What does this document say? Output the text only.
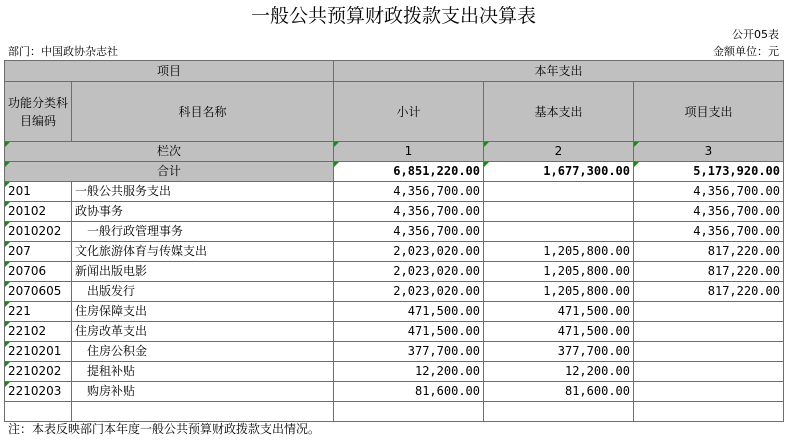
一般公共预算财政拨款支出决算表
公开05表
部门：中国政协杂志社	金额单位：元
项目		本年支出		
功能分类科目编码	科目名称	小计	基本支出	项目支出
栏次		1	2	3
合计		6,851,220.00	1,677,300.00	5,173,920.00
201	一般公共服务支出	4,356,700.00		4,356,700.00
20102	政协事务	4,356,700.00		4,356,700.00
2010202	　一般行政管理事务	4,356,700.00		4,356,700.00
207	文化旅游体育与传媒支出	2,023,020.00	1,205,800.00	817,220.00
20706	新闻出版电影	2,023,020.00	1,205,800.00	817,220.00
2070605	　出版发行	2,023,020.00	1,205,800.00	817,220.00
221	住房保障支出	471,500.00	471,500.00	
22102	住房改革支出	471,500.00	471,500.00	
2210201	　住房公积金	377,700.00	377,700.00	
2210202	　提租补贴	12,200.00	12,200.00	
2210203	　购房补贴	81,600.00	81,600.00	

注：本表反映部门本年度一般公共预算财政拨款支出情况。
